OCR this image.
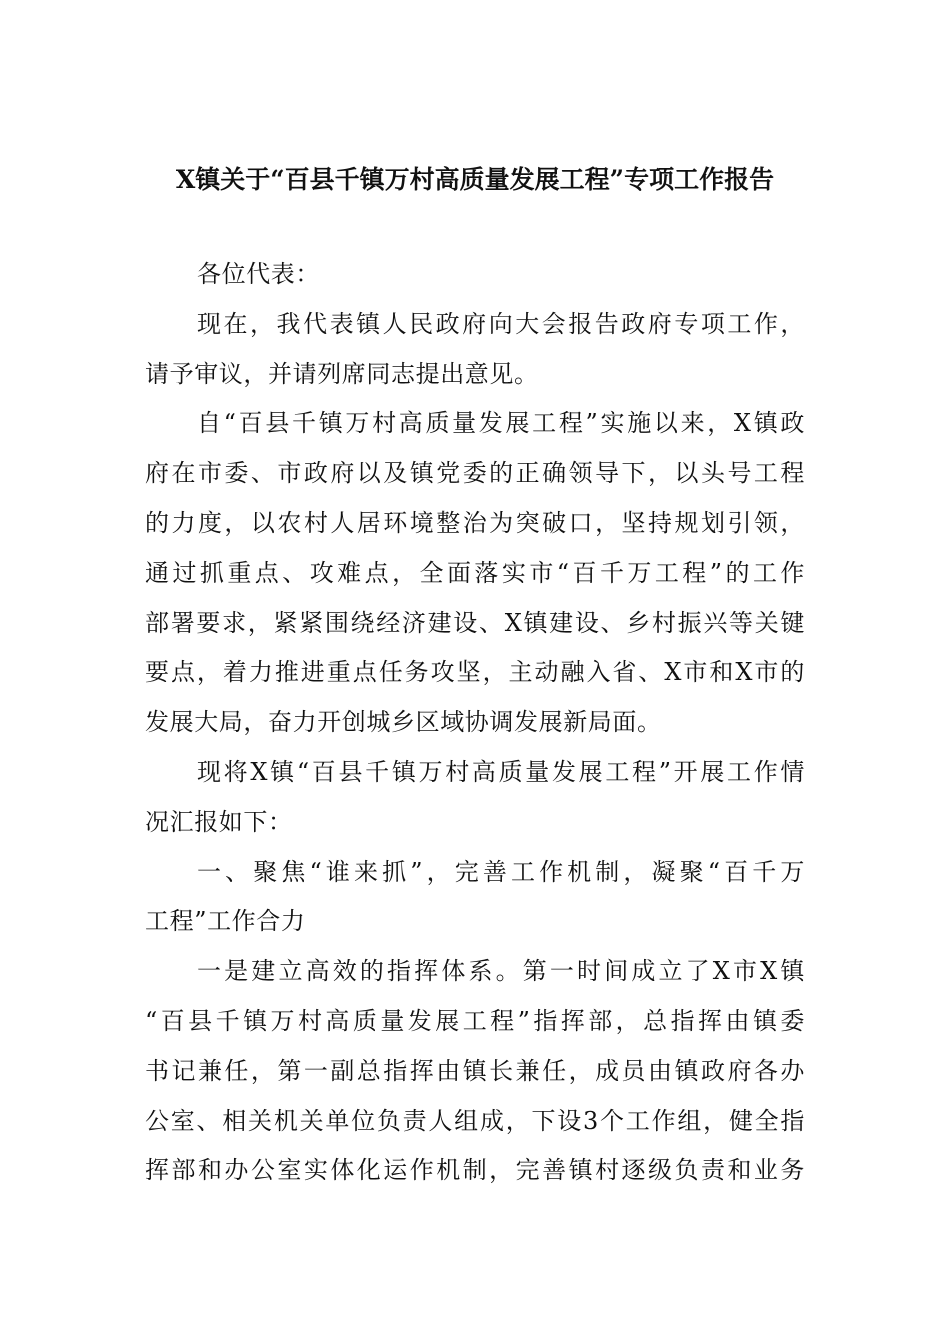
X镇关于“百县千镇万村高质量发展工程”专项工作报告
各位代表：
现在，我代表镇人民政府向大会报告政府专项工作，
请予审议，并请列席同志提出意见。
自“百县千镇万村高质量发展工程”实施以来，X镇政
府在市委、市政府以及镇党委的正确领导下，以头号工程
的力度，以农村人居环境整治为突破口，坚持规划引领，
通过抓重点、攻难点，全面落实市“百千万工程”的工作
部署要求，紧紧围绕经济建设、X镇建设、乡村振兴等关键
要点，着力推进重点任务攻坚，主动融入省、X市和X市的
发展大局，奋力开创城乡区域协调发展新局面。
现将X镇“百县千镇万村高质量发展工程”开展工作情
况汇报如下：
一、聚焦“谁来抓”，完善工作机制，凝聚“百千万
工程”工作合力
一是建立高效的指挥体系。第一时间成立了X市X镇
“百县千镇万村高质量发展工程”指挥部，总指挥由镇委
书记兼任，第一副总指挥由镇长兼任，成员由镇政府各办
公室、相关机关单位负责人组成，下设3个工作组，健全指
挥部和办公室实体化运作机制，完善镇村逐级负责和业务
